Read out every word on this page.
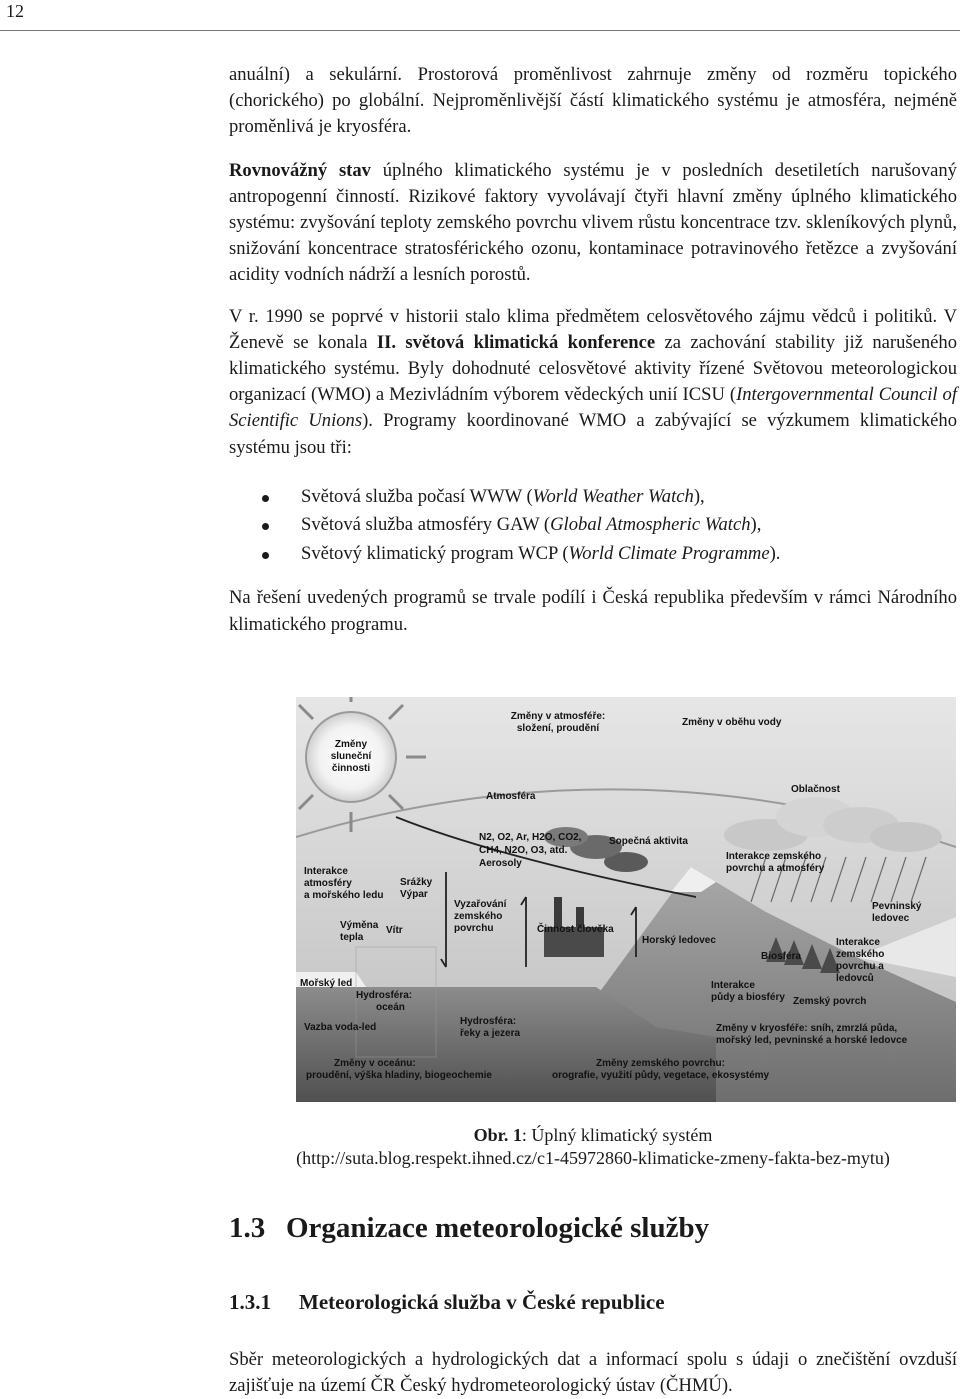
12

anuální) a sekulární. Prostorová proměnlivost zahrnuje změny od rozměru topického (chorického) po globální. Nejproměnlivější částí klimatického systému je atmosféra, nejméně proměnlivá je kryosféra.

Rovnovážný stav úplného klimatického systému je v posledních desetiletích narušovaný antropogenní činností. Rizikové faktory vyvolávají čtyři hlavní změny úplného klimatického systému: zvyšování teploty zemského povrchu vlivem růstu koncentrace tzv. skleníkových plynů, snižování koncentrace stratosférického ozonu, kontaminace potravinového řetězce a zvyšování acidity vodních nádrží a lesních porostů.

V r. 1990 se poprvé v historii stalo klima předmětem celosvětového zájmu vědců i politiků. V Ženevě se konala II. světová klimatická konference za zachování stability již narušeného klimatického systému. Byly dohodnuté celosvětové aktivity řízené Světovou meteorologickou organizací (WMO) a Mezivládním výborem vědeckých unií ICSU (Intergovernmental Council of Scientific Unions). Programy koordinované WMO a zabývající se výzkumem klimatického systému jsou tři:

Světová služba počasí WWW (World Weather Watch),
Světová služba atmosféry GAW (Global Atmospheric Watch),
Světový klimatický program WCP (World Climate Programme).

Na řešení uvedených programů se trvale podílí i Česká republika především v rámci Národního klimatického programu.

Změny
sluneční
činnosti
Změny v atmosféře:
složení, proudění
Změny v oběhu vody
Atmosféra
Oblačnost
N2, O2, Ar, H2O, CO2,
CH4, N2O, O3, atd.
Aerosoly
Sopečná aktivita
Interakce
atmosféry
a mořského ledu
Srážky
Výpar
Výměna
tepla
Vítr
Vyzařování
zemského
povrchu	Činnost člověka
Horský ledovec
Interakce zemského
povrchu a atmosféry
Pevninský
ledovec
Interakce
zemského
povrchu a
ledovců
Mořský led
Hydrosféra:
oceán
Biosféra
Interakce
půdy a biosféry Zemský povrch
Vazba voda-led
Hydrosféra:
řeky a jezera	Změny v kryosféře: sníh, zmrzlá půda,
mořský led, pevninské a horské ledovce
Změny v oceánu:
proudění, výška hladiny, biogeochemie
Změny zemského povrchu:
orografie, využití půdy, vegetace, ekosystémy
Obr. 1: Úplný klimatický systém
(http://suta.blog.respekt.ihned.cz/c1-45972860-klimaticke-zmeny-fakta-bez-mytu)
1.3 Organizace meteorologické služby
1.3.1 Meteorologická služba v České republice

Sběr meteorologických a hydrologických dat a informací spolu s údaji o znečištění ovzduší zajišťuje na území ČR Český hydrometeorologický ústav (ČHMÚ).
